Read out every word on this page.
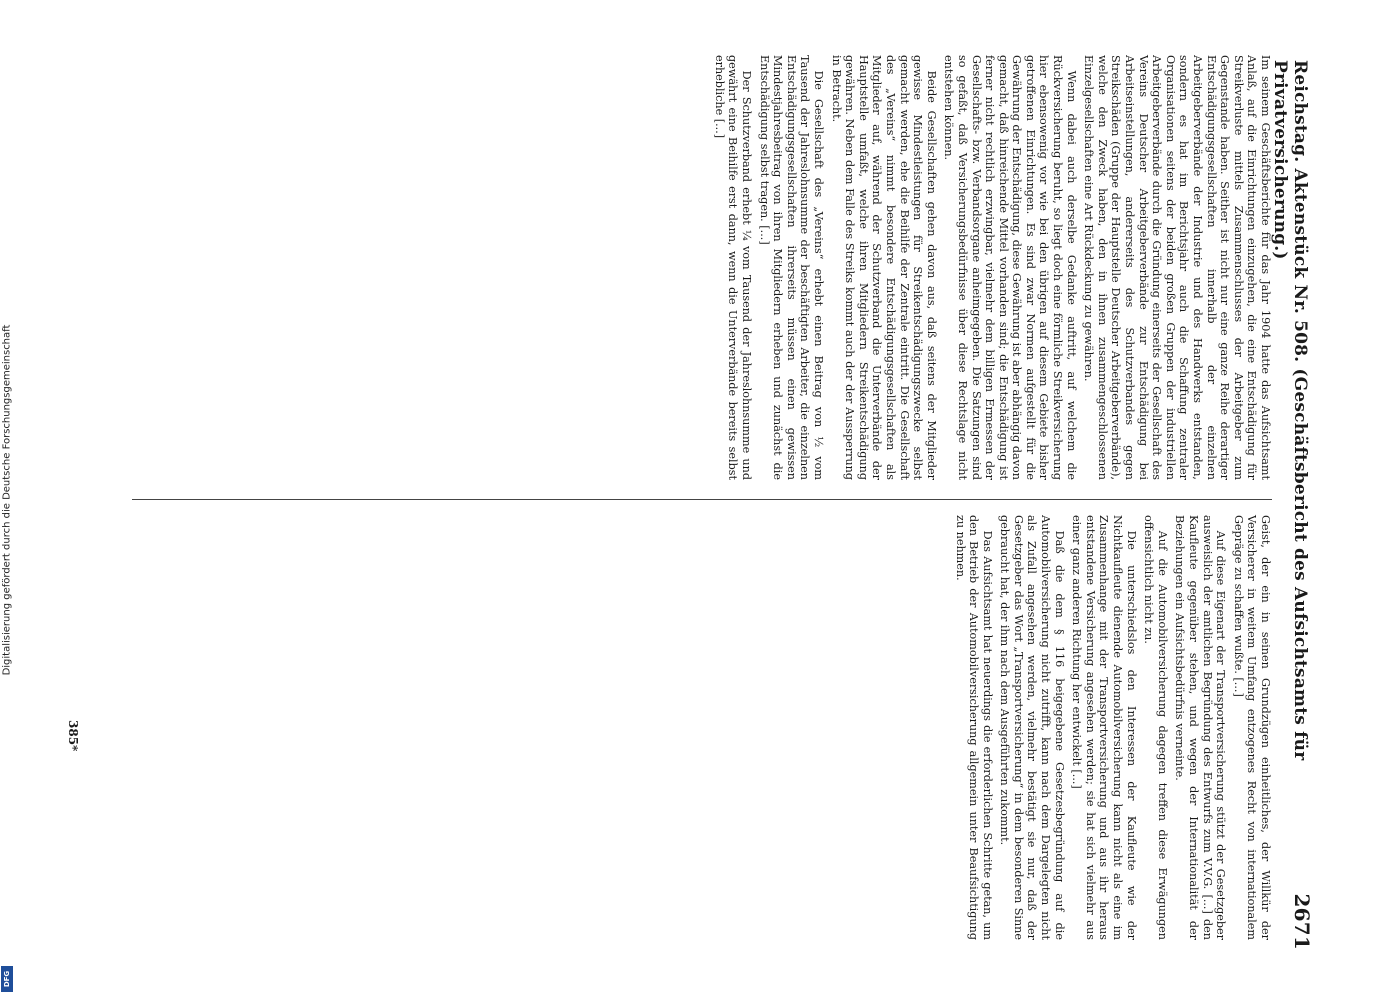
Reichstag. Aktenstück Nr. 508. (Geschäftsbericht des Aufsichtsamts für Privatversicherung.)
2671

Im seinem Geschäftsberichte für das Jahr 1904 hatte das Aufsichtsamt Anlaß, auf die Einrichtungen einzugehen, die eine Entschädigung für Streikverluste mittels Zusammenschlusses der Arbeitgeber zum Gegenstande haben. Seither ist nicht nur eine ganze Reihe derartiger Entschädigungsgesellschaften innerhalb der einzelnen Arbeitgeberverbände der Industrie und des Handwerks entstanden, sondern es hat im Berichtsjahr auch die Schaffung zentraler Organisationen seitens der beiden großen Gruppen der industriellen Arbeitgeberverbände durch die Gründung einerseits der Gesellschaft des Vereins Deutscher Arbeitgeberverbände zur Entschädigung bei Arbeitseinstellungen, andererseits des Schutzverbandes gegen Streikschäden (Gruppe der Hauptstelle Deutscher Arbeitgeberverbände), welche den Zweck haben, den in ihnen zusammengeschlossenen Einzelgesellschaften eine Art Rückdeckung zu gewähren.

Wenn dabei auch derselbe Gedanke auftritt, auf welchem die Rückversicherung beruht, so liegt doch eine förmliche Streikversicherung hier ebensowenig vor wie bei den übrigen auf diesem Gebiete bisher getroffenen Einrichtungen. Es sind zwar Normen aufgestellt für die Gewährung der Entschädigung, diese Gewährung ist aber abhängig davon gemacht, daß hinreichende Mittel vorhanden sind; die Entschädigung ist ferner nicht rechtlich erzwingbar, vielmehr dem billigen Ermessen der Gesellschafts- bzw. Verbandsorgane anheimgegeben. Die Satzungen sind so gefaßt, daß Versicherungsbedürfnisse über diese Rechtslage nicht entstehen können.

Beide Gesellschaften gehen davon aus, daß seitens der Mitglieder gewisse Mindestleistungen für Streikentschädigungszwecke selbst gemacht werden, ehe die Beihilfe der Zentrale eintritt. Die Gesellschaft des „Vereins“ nimmt besondere Entschädigungsgesellschaften als Mitglieder auf, während der Schutzverband die Unterverbände der Hauptstelle umfaßt, welche ihren Mitgliedern Streikentschädigung gewähren. Neben dem Falle des Streiks kommt auch der der Aussperrung in Betracht.

Die Gesellschaft des „Vereins“ erhebt einen Beitrag von ½ vom Tausend der Jahreslohnsumme der beschäftigten Arbeiter, die einzelnen Entschädigungsgesellschaften ihrerseits müssen einen gewissen Mindestjahresbeitrag von ihren Mitgliedern erheben und zunächst die Entschädigung selbst tragen. [...]

Der Schutzverband erhebt ¼ vom Tausend der Jahreslohnsumme und gewährt eine Beihilfe erst dann, wenn die Unterverbände bereits selbst erhebliche [...]

Geist, der ein in seinen Grundzügen einheitliches, der Willkür der Versicherer in weitem Umfang entzogenes Recht von internationalem Gepräge zu schaffen wußte. [...]

Auf diese Eigenart der Transportversicherung stützt der Gesetzgeber ausweislich der amtlichen Begründung des Entwurfs zum V.V.G. [...] den Kaufleute gegenüber stehen, und wegen der Internationalität der Beziehungen ein Aufsichtsbedürfnis verneinte.

Auf die Automobilversicherung dagegen treffen diese Erwägungen offensichtlich nicht zu.

Die unterschiedslos den Interessen der Kaufleute wie der Nichtkaufleute dienende Automobilversicherung kann nicht als eine im Zusammenhange mit der Transportversicherung und aus ihr heraus entstandene Versicherung angesehen werden; sie hat sich vielmehr aus einer ganz anderen Richtung her entwickelt [...]

Daß die dem § 116 beigegebene Gesetzesbegründung auf die Automobilversicherung nicht zutrifft, kann nach dem Dargelegten nicht als Zufall angesehen werden, vielmehr bestätigt sie nur, daß der Gesetzgeber das Wort „Transportversicherung“ in dem besonderen Sinne gebraucht hat, der ihm nach dem Ausgeführten zukommt.

Das Aufsichtsamt hat neuerdings die erforderlichen Schritte getan, um den Betrieb der Automobilversicherung allgemein unter Beaufsichtigung zu nehmen.

385*
Digitalisierung gefördert durch die Deutsche Forschungsgemeinschaft
DFG
